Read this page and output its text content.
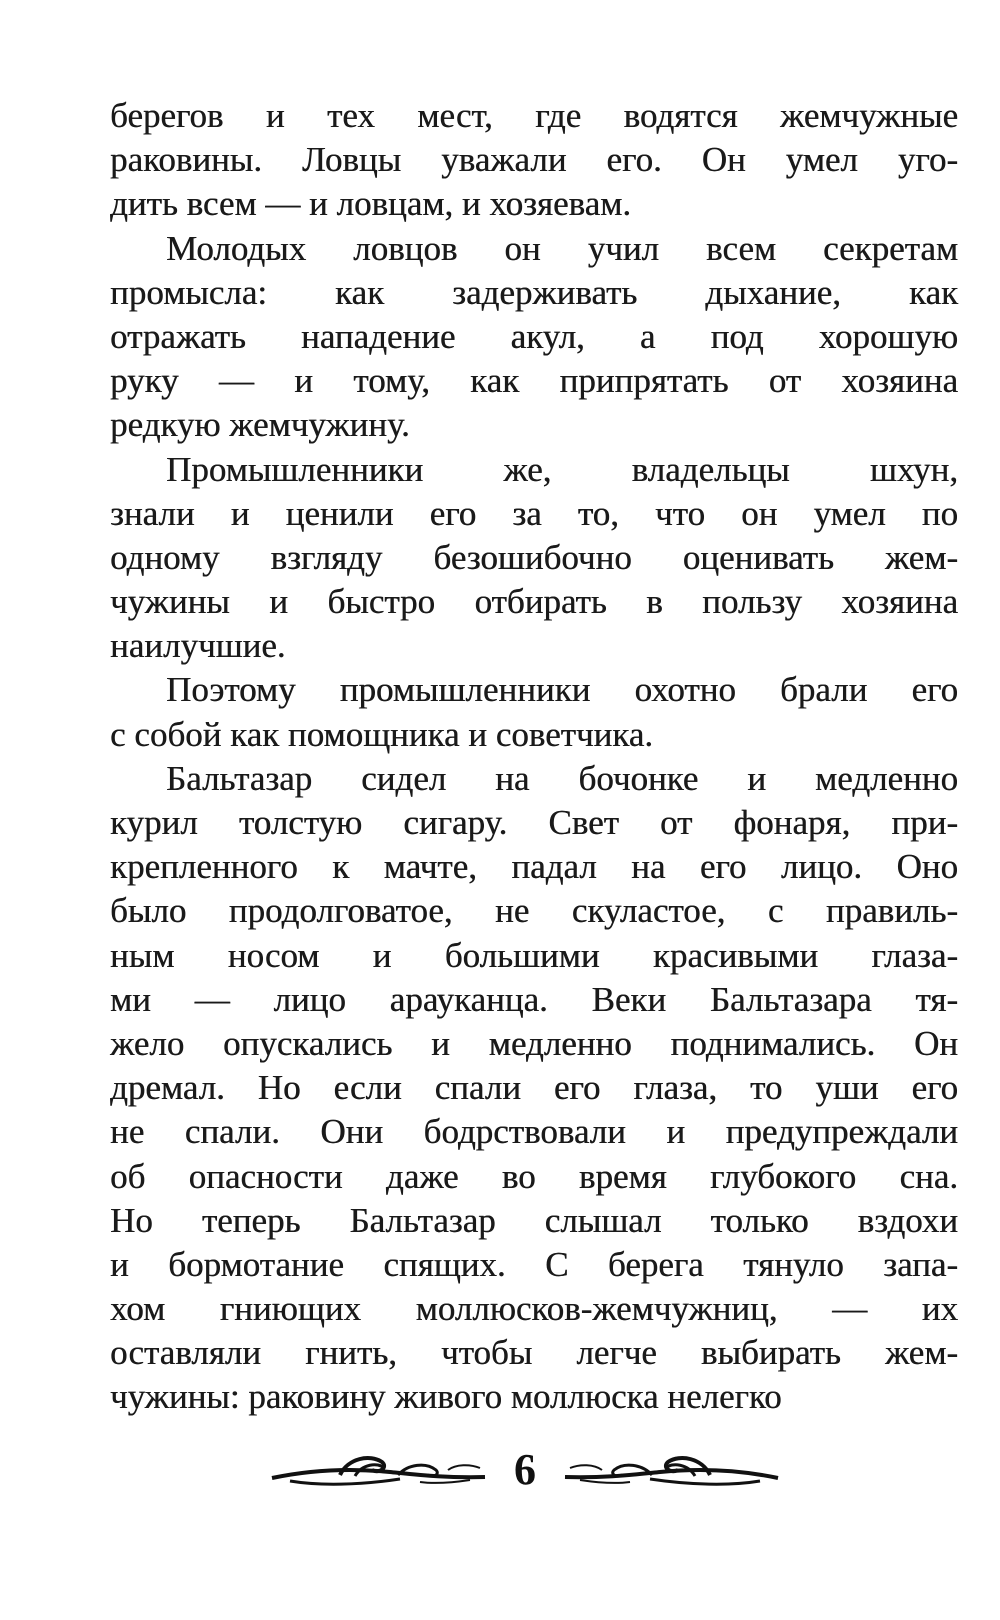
берегов и тех мест, где водятся жемчужные
раковины. Ловцы уважали его. Он умел уго-
дить всем — и ловцам, и хозяевам.
Молодых ловцов он учил всем секретам
промысла: как задерживать дыхание, как
отражать нападение акул, а под хорошую
руку — и тому, как припрятать от хозяина
редкую жемчужину.
Промышленники же, владельцы шхун,
знали и ценили его за то, что он умел по
одному взгляду безошибочно оценивать жем-
чужины и быстро отбирать в пользу хозяина
наилучшие.
Поэтому промышленники охотно брали его
с собой как помощника и советчика.
Бальтазар сидел на бочонке и медленно
курил толстую сигару. Свет от фонаря, при-
крепленного к мачте, падал на его лицо. Оно
было продолговатое, не скуластое, с правиль-
ным носом и большими красивыми глаза-
ми — лицо арауканца. Веки Бальтазара тя-
жело опускались и медленно поднимались. Он
дремал. Но если спали его глаза, то уши его
не спали. Они бодрствовали и предупреждали
об опасности даже во время глубокого сна.
Но теперь Бальтазар слышал только вздохи
и бормотание спящих. С берега тянуло запа-
хом гниющих моллюсков-жемчужниц, — их
оставляли гнить, чтобы легче выбирать жем-
чужины: раковину живого моллюска нелегко
6
